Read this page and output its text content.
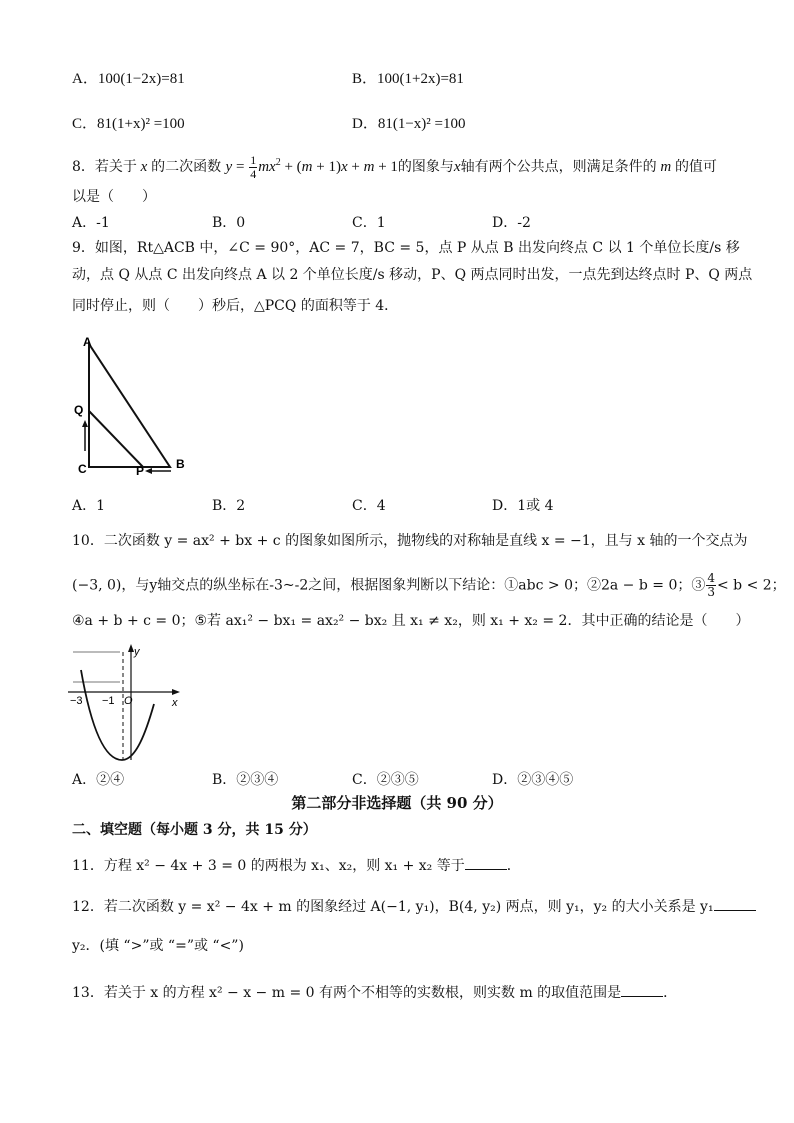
A．100(1−2x)=81	B．100(1+2x)=81
C．81(1+x)² =100	D．81(1−x)² =100
8．若关于 x 的二次函数 $y = \frac{1}{4} mx^2 + (m + 1)x + m + 1$的图象与x轴有两个公共点，则满足条件的 m 的值可
以是（　　）
A．-1	B．0	C．1	D．-2
9．如图，Rt△ACB 中，∠C = 90°，AC = 7，BC = 5，点 P 从点 B 出发向终点 C 以 1 个单位长度/s 移
动，点 Q 从点 C 出发向终点 A 以 2 个单位长度/s 移动，P、Q 两点同时出发，一点先到达终点时 P、Q 两点
同时停止，则（　　）秒后，△PCQ 的面积等于 4．
A
Q
C	P	B
A．1	B．2	C．4	D．1或 4
10．二次函数 y = ax² + bx + c 的图象如图所示，抛物线的对称轴是直线 x = −1，且与 x 轴的一个交点为
(−3, 0)，与y轴交点的纵坐标在-3~-2之间，根据图象判断以下结论：①abc > 0；②2a − b = 0；③ $\frac{4}{3} < b < 2$；
④a + b + c = 0；⑤若 ax₁² − bx₁ = ax₂² − bx₂ 且 x₁ ≠ x₂，则 x₁ + x₂ = 2．其中正确的结论是（　　）
y
x
−3 −1 O
A．②④	B．②③④	C．②③⑤	D．②③④⑤
第二部分非选择题（共 90 分）
二、填空题（每小题 3 分，共 15 分）
11．方程 x² − 4x + 3 = 0 的两根为 x₁、x₂，则 x₁ + x₂ 等于	．
12．若二次函数 y = x² − 4x + m 的图象经过 A(−1, y₁)，B(4, y₂) 两点，则 y₁，y₂ 的大小关系是 y₁
y₂．(填 “>”或 “=”或 “<”)
13．若关于 x 的方程 x² − x − m = 0 有两个不相等的实数根，则实数 m 的取值范围是	．
